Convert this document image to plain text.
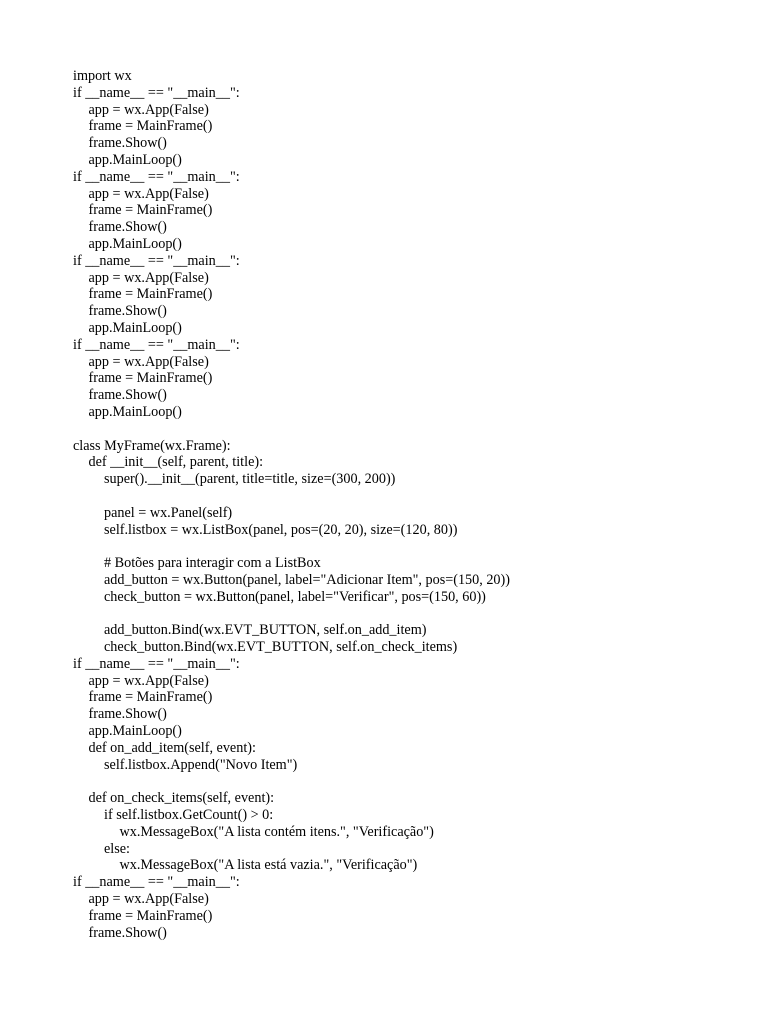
import wx
if __name__ == "__main__":
app = wx.App(False)
frame = MainFrame()
frame.Show()
app.MainLoop()
if __name__ == "__main__":
app = wx.App(False)
frame = MainFrame()
frame.Show()
app.MainLoop()
if __name__ == "__main__":
app = wx.App(False)
frame = MainFrame()
frame.Show()
app.MainLoop()
if __name__ == "__main__":
app = wx.App(False)
frame = MainFrame()
frame.Show()
app.MainLoop()
class MyFrame(wx.Frame):
def __init__(self, parent, title):
super().__init__(parent, title=title, size=(300, 200))
panel = wx.Panel(self)
self.listbox = wx.ListBox(panel, pos=(20, 20), size=(120, 80))
# Botões para interagir com a ListBox
add_button = wx.Button(panel, label="Adicionar Item", pos=(150, 20))
check_button = wx.Button(panel, label="Verificar", pos=(150, 60))
add_button.Bind(wx.EVT_BUTTON, self.on_add_item)
check_button.Bind(wx.EVT_BUTTON, self.on_check_items)
if __name__ == "__main__":
app = wx.App(False)
frame = MainFrame()
frame.Show()
app.MainLoop()
def on_add_item(self, event):
self.listbox.Append("Novo Item")
def on_check_items(self, event):
if self.listbox.GetCount() > 0:
wx.MessageBox("A lista contém itens.", "Verificação")
else:
wx.MessageBox("A lista está vazia.", "Verificação")
if __name__ == "__main__":
app = wx.App(False)
frame = MainFrame()
frame.Show()
